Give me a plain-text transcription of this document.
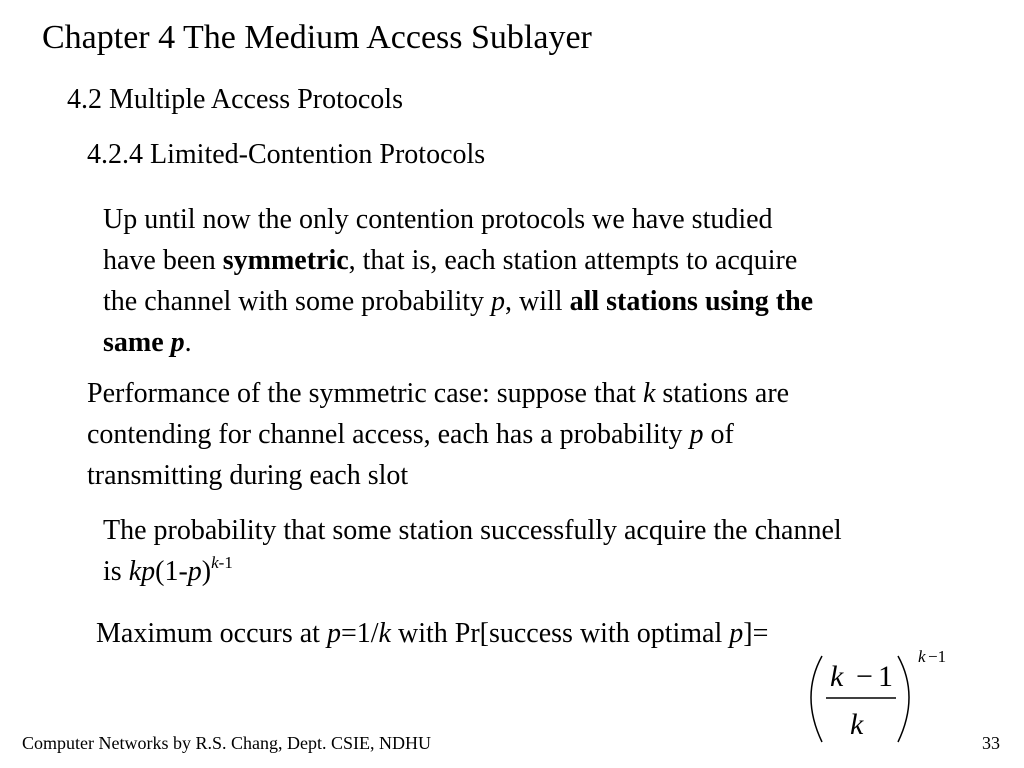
Chapter 4 The Medium Access Sublayer
4.2 Multiple Access Protocols
4.2.4 Limited-Contention Protocols
Up until now the only contention protocols we have studied
have been symmetric, that is, each station attempts to acquire
the channel with some probability p, will all stations using the
same p.
Performance of the symmetric case: suppose that k stations are
contending for channel access, each has a probability p of
transmitting during each slot
The probability that some station successfully acquire the channel
is $kp(1-p)^{k-1}$
Maximum occurs at p=1/k with Pr[success with optimal p]=
k − 1
k
k −1
Computer Networks by R.S. Chang, Dept. CSIE, NDHU	33
